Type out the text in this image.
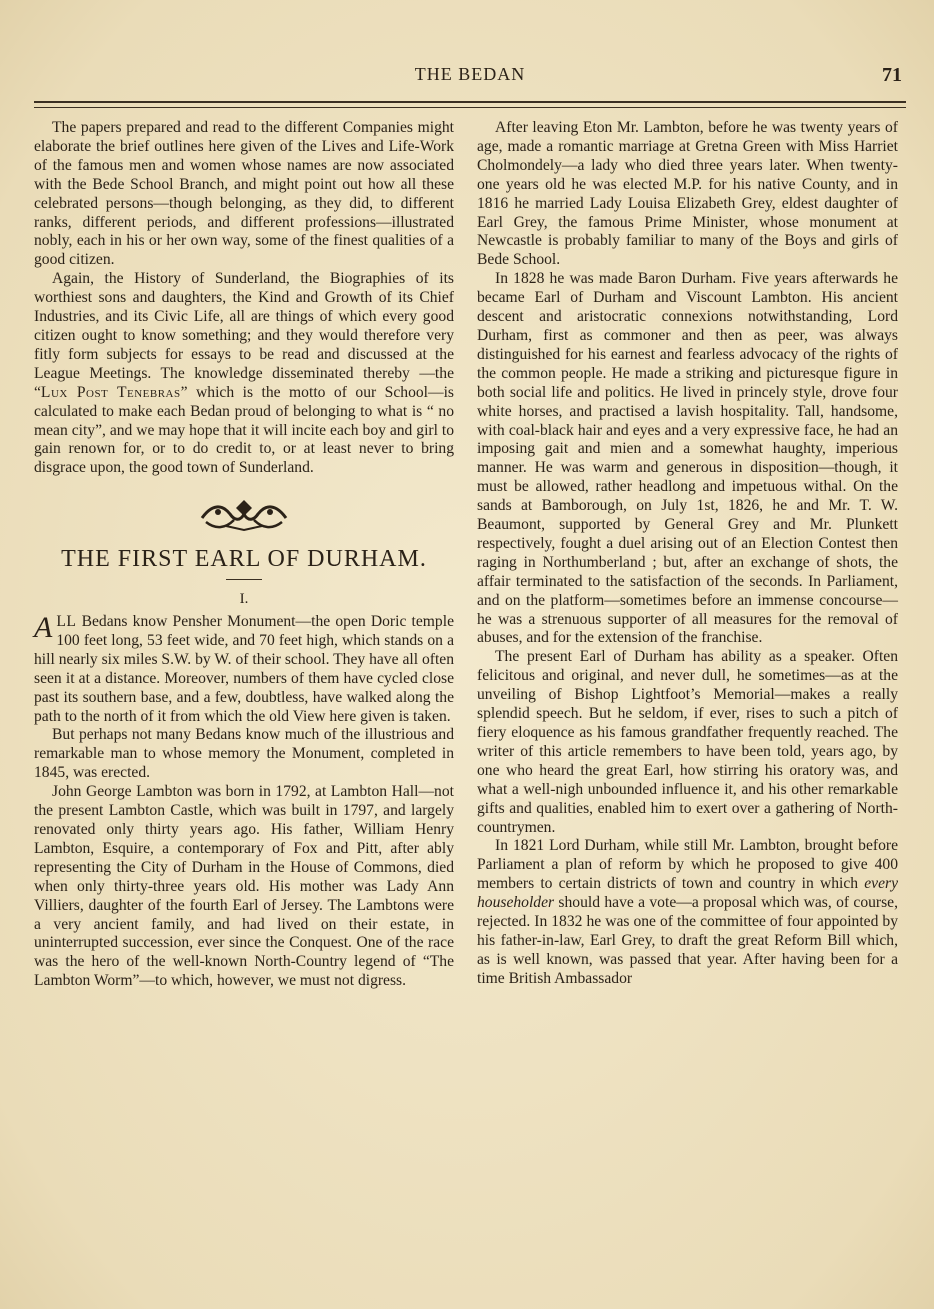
THE BEDAN	71

The papers prepared and read to the different Companies might elaborate the brief outlines here given of the Lives and Life-Work of the famous men and women whose names are now associated with the Bede School Branch, and might point out how all these celebrated persons—though belonging, as they did, to different ranks, different periods, and different professions—illustrated nobly, each in his or her own way, some of the finest qualities of a good citizen.

Again, the History of Sunderland, the Biographies of its worthiest sons and daughters, the Kind and Growth of its Chief Industries, and its Civic Life, all are things of which every good citizen ought to know something; and they would therefore very fitly form subjects for essays to be read and discussed at the League Meetings. The knowledge disseminated thereby —the “Lux Post Tenebras” which is the motto of our School—is calculated to make each Bedan proud of belonging to what is “ no mean city”, and we may hope that it will incite each boy and girl to gain renown for, or to do credit to, or at least never to bring disgrace upon, the good town of Sunderland.

THE FIRST EARL OF DURHAM.
I.

ALL Bedans know Pensher Monument—the open Doric temple 100 feet long, 53 feet wide, and 70 feet high, which stands on a hill nearly six miles S.W. by W. of their school. They have all often seen it at a distance. Moreover, numbers of them have cycled close past its southern base, and a few, doubtless, have walked along the path to the north of it from which the old View here given is taken.

But perhaps not many Bedans know much of the illustrious and remarkable man to whose memory the Monument, completed in 1845, was erected.

John George Lambton was born in 1792, at Lambton Hall—not the present Lambton Castle, which was built in 1797, and largely renovated only thirty years ago. His father, William Henry Lambton, Esquire, a contemporary of Fox and Pitt, after ably representing the City of Durham in the House of Commons, died when only thirty-three years old. His mother was Lady Ann Villiers, daughter of the fourth Earl of Jersey. The Lambtons were a very ancient family, and had lived on their estate, in uninterrupted succession, ever since the Conquest. One of the race was the hero of the well-known North-Country legend of “The Lambton Worm”—to which, however, we must not digress.

After leaving Eton Mr. Lambton, before he was twenty years of age, made a romantic marriage at Gretna Green with Miss Harriet Cholmondely—a lady who died three years later. When twenty-one years old he was elected M.P. for his native County, and in 1816 he married Lady Louisa Elizabeth Grey, eldest daughter of Earl Grey, the famous Prime Minister, whose monument at Newcastle is probably familiar to many of the Boys and girls of Bede School.

In 1828 he was made Baron Durham. Five years afterwards he became Earl of Durham and Viscount Lambton. His ancient descent and aristocratic connexions notwithstanding, Lord Durham, first as commoner and then as peer, was always distinguished for his earnest and fearless advocacy of the rights of the common people. He made a striking and picturesque figure in both social life and politics. He lived in princely style, drove four white horses, and practised a lavish hospitality. Tall, handsome, with coal-black hair and eyes and a very expressive face, he had an imposing gait and mien and a somewhat haughty, imperious manner. He was warm and generous in disposition—though, it must be allowed, rather headlong and impetuous withal. On the sands at Bamborough, on July 1st, 1826, he and Mr. T. W. Beaumont, supported by General Grey and Mr. Plunkett respectively, fought a duel arising out of an Election Contest then raging in Northumberland ; but, after an exchange of shots, the affair terminated to the satisfaction of the seconds. In Parliament, and on the platform—sometimes before an immense concourse—he was a strenuous supporter of all measures for the removal of abuses, and for the extension of the franchise.

The present Earl of Durham has ability as a speaker. Often felicitous and original, and never dull, he sometimes—as at the unveiling of Bishop Lightfoot’s Memorial—makes a really splendid speech. But he seldom, if ever, rises to such a pitch of fiery eloquence as his famous grandfather frequently reached. The writer of this article remembers to have been told, years ago, by one who heard the great Earl, how stirring his oratory was, and what a well-nigh unbounded influence it, and his other remarkable gifts and qualities, enabled him to exert over a gathering of North-countrymen.

In 1821 Lord Durham, while still Mr. Lambton, brought before Parliament a plan of reform by which he proposed to give 400 members to certain districts of town and country in which every householder should have a vote—a proposal which was, of course, rejected. In 1832 he was one of the committee of four appointed by his father-in-law, Earl Grey, to draft the great Reform Bill which, as is well known, was passed that year. After having been for a time British Ambassador
